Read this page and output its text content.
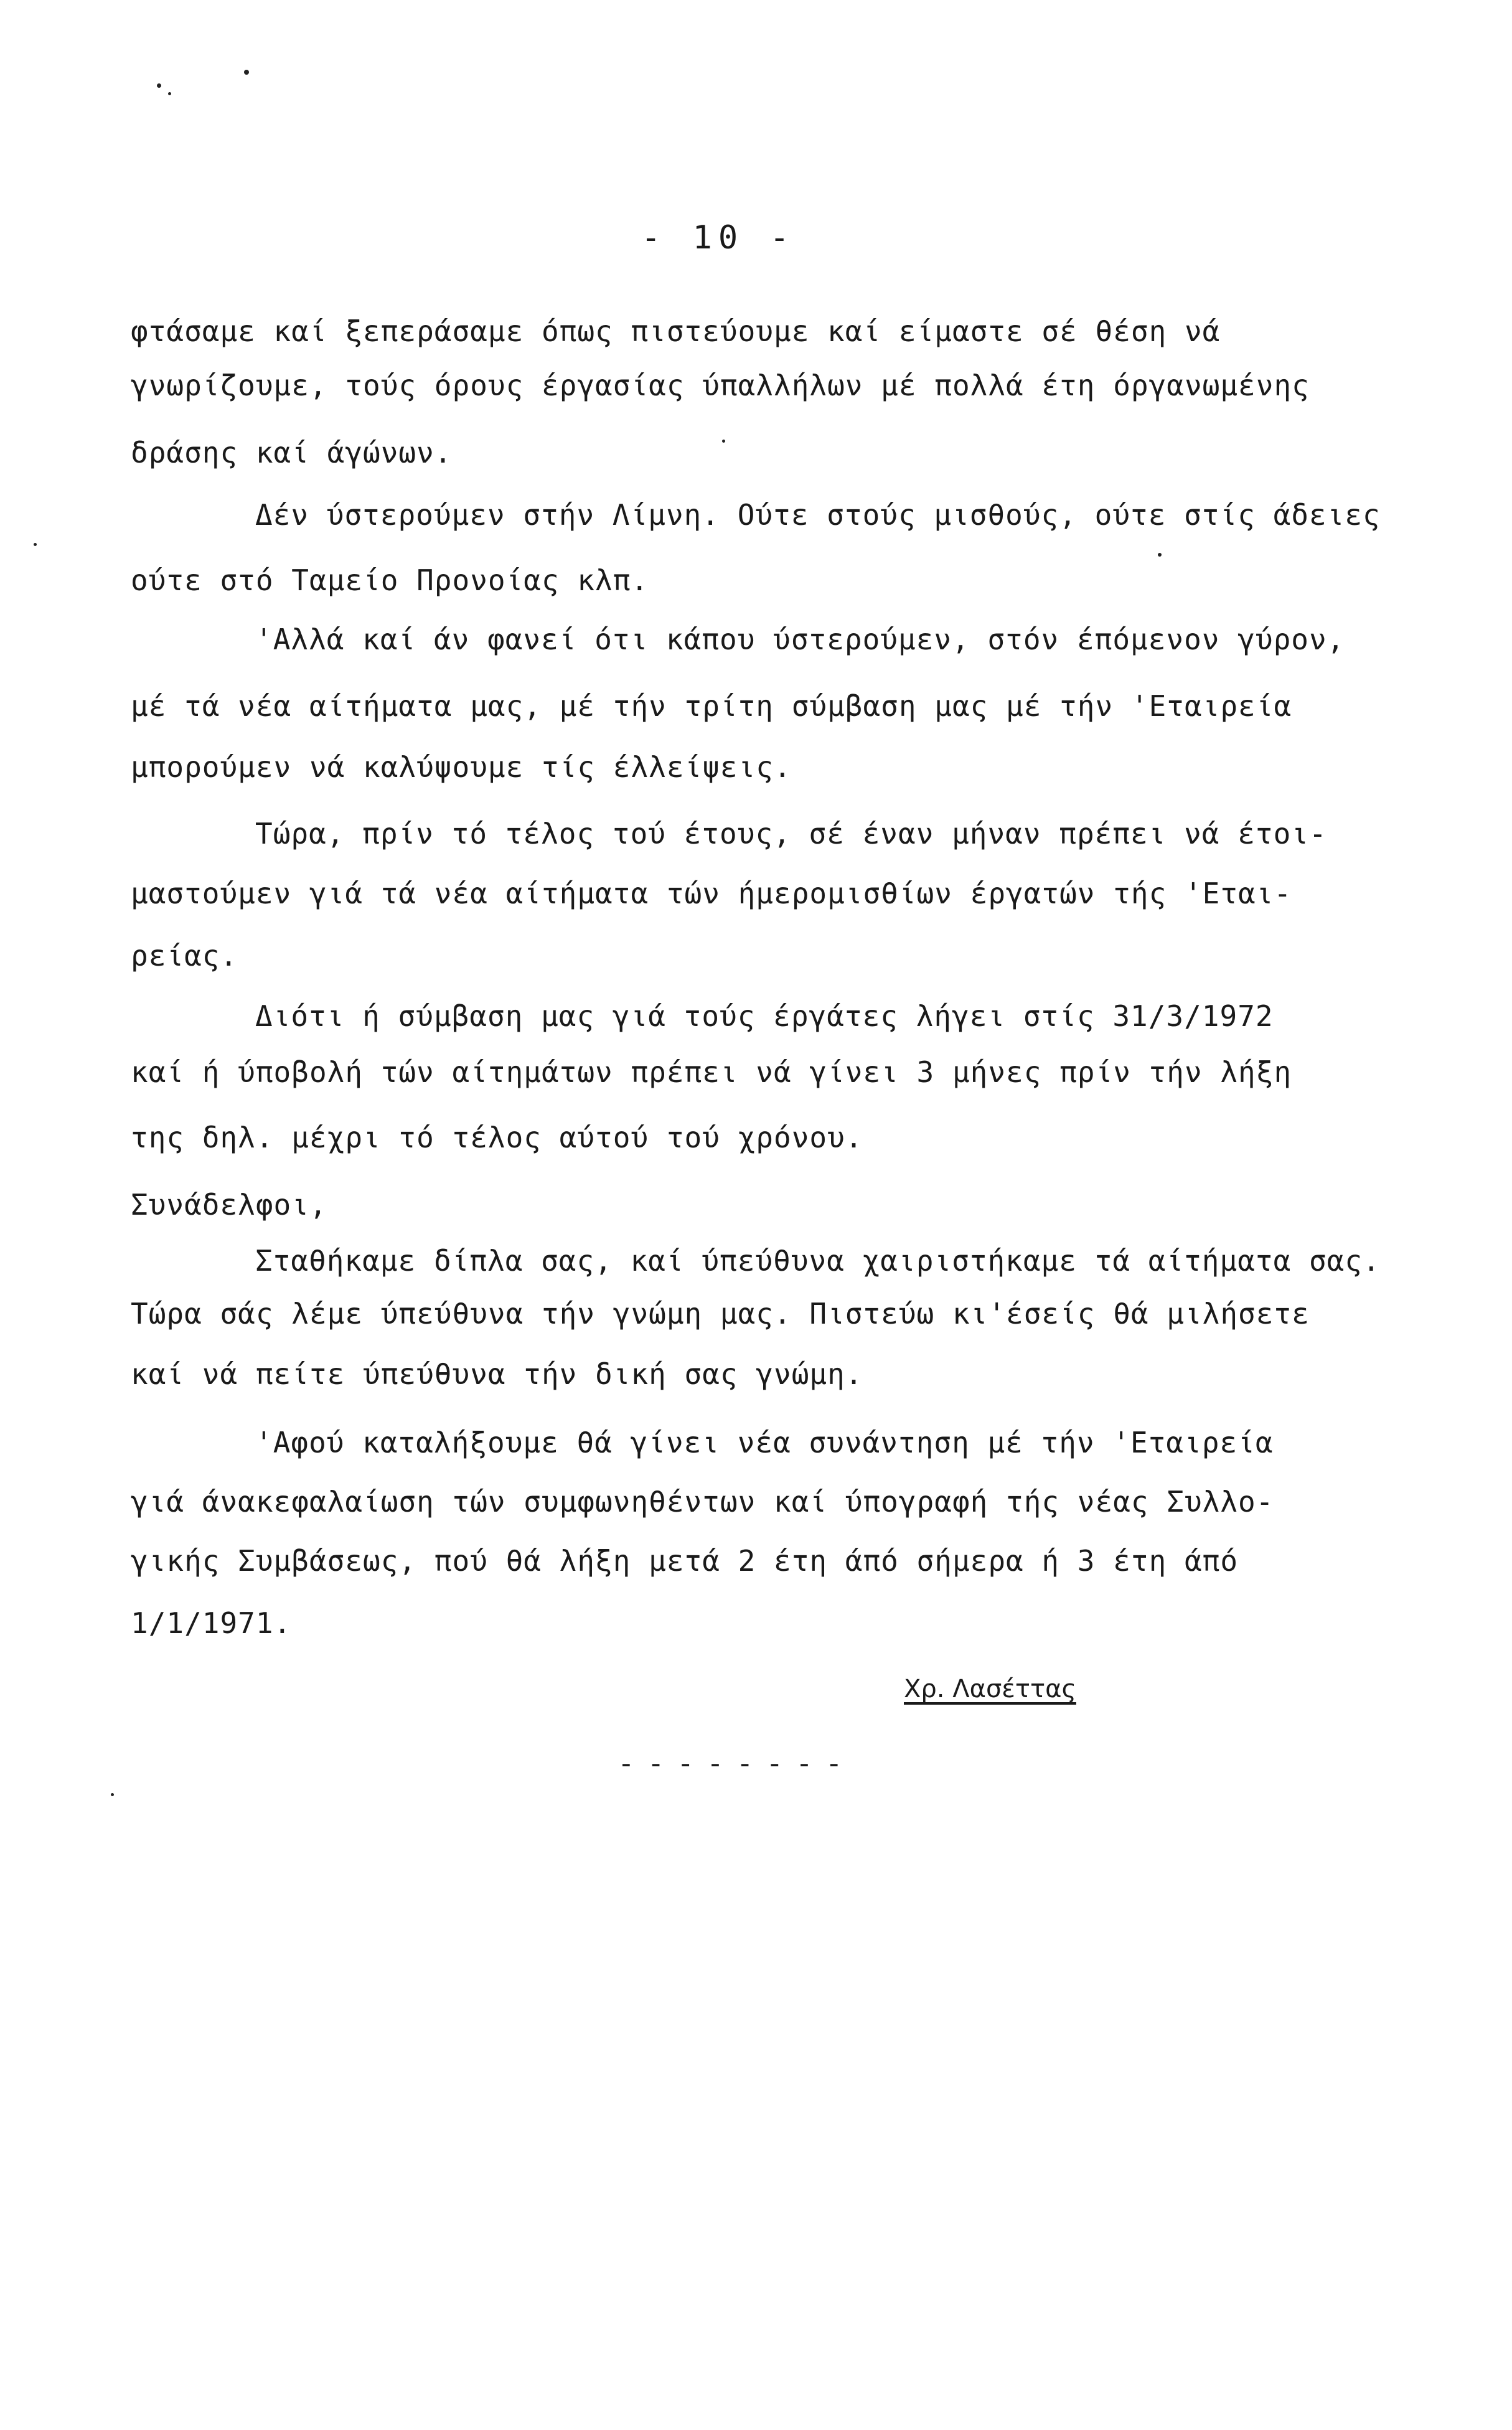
- 10 -
φτάσαμε καί ξεπεράσαμε όπως πιστεύουμε καί είμαστε σέ θέση νά
γνωρίζουμε, τούς όρους έργασίας ύπαλλήλων μέ πολλά έτη όργανωμένης
δράσης καί άγώνων.
Δέν ύστερούμεν στήν Λίμνη. Ούτε στούς μισθούς, ούτε στίς άδειες
ούτε στό Ταμείο Προνοίας κλπ.
'Αλλά καί άν φανεί ότι κάπου ύστερούμεν, στόν έπόμενον γύρον,
μέ τά νέα αίτήματα μας, μέ τήν τρίτη σύμβαση μας μέ τήν 'Εταιρεία
μπορούμεν νά καλύψουμε τίς έλλείψεις.
Τώρα, πρίν τό τέλος τού έτους, σέ έναν μήναν πρέπει νά έτοι-
μαστούμεν γιά τά νέα αίτήματα τών ήμερομισθίων έργατών τής 'Εται-
ρείας.
Διότι ή σύμβαση μας γιά τούς έργάτες λήγει στίς 31/3/1972
καί ή ύποβολή τών αίτημάτων πρέπει νά γίνει 3 μήνες πρίν τήν λήξη
της δηλ. μέχρι τό τέλος αύτού τού χρόνου.
Συνάδελφοι,
Σταθήκαμε δίπλα σας, καί ύπεύθυνα χαιριστήκαμε τά αίτήματα σας.
Τώρα σάς λέμε ύπεύθυνα τήν γνώμη μας. Πιστεύω κι'έσείς θά μιλήσετε
καί νά πείτε ύπεύθυνα τήν δική σας γνώμη.
'Αφού καταλήξουμε θά γίνει νέα συνάντηση μέ τήν 'Εταιρεία
γιά άνακεφαλαίωση τών συμφωνηθέντων καί ύπογραφή τής νέας Συλλο-
γικής Συμβάσεως, πού θά λήξη μετά 2 έτη άπό σήμερα ή 3 έτη άπό
1/1/1971.
Χρ. Λασέττας
--------
